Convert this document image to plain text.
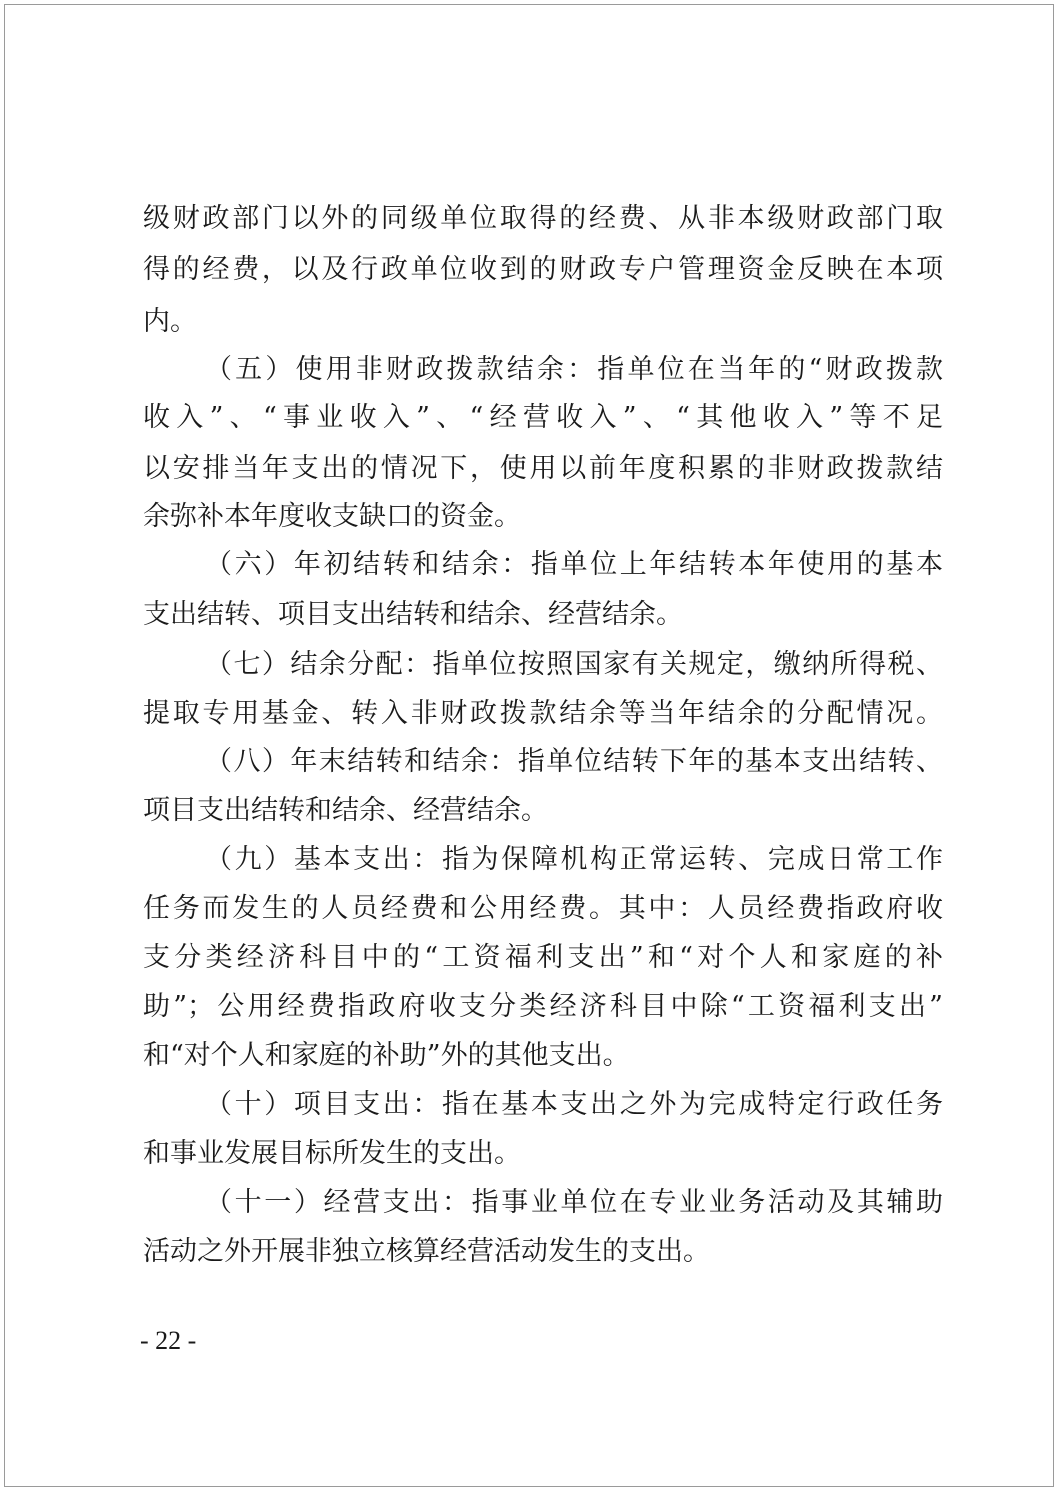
级财政部门以外的同级单位取得的经费、从非本级财政部门取
得的经费，以及行政单位收到的财政专户管理资金反映在本项
内。
（五）使用非财政拨款结余：指单位在当年的“财政拨款
收入”、“事业收入”、“经营收入”、“其他收入”等不足
以安排当年支出的情况下，使用以前年度积累的非财政拨款结
余弥补本年度收支缺口的资金。
（六）年初结转和结余：指单位上年结转本年使用的基本
支出结转、项目支出结转和结余、经营结余。
（七）结余分配：指单位按照国家有关规定，缴纳所得税、
提取专用基金、转入非财政拨款结余等当年结余的分配情况。
（八）年末结转和结余：指单位结转下年的基本支出结转、
项目支出结转和结余、经营结余。
（九）基本支出：指为保障机构正常运转、完成日常工作
任务而发生的人员经费和公用经费。其中：人员经费指政府收
支分类经济科目中的“工资福利支出”和“对个人和家庭的补
助”；公用经费指政府收支分类经济科目中除“工资福利支出”
和“对个人和家庭的补助”外的其他支出。
（十）项目支出：指在基本支出之外为完成特定行政任务
和事业发展目标所发生的支出。
（十一）经营支出：指事业单位在专业业务活动及其辅助
活动之外开展非独立核算经营活动发生的支出。
- 22 -
